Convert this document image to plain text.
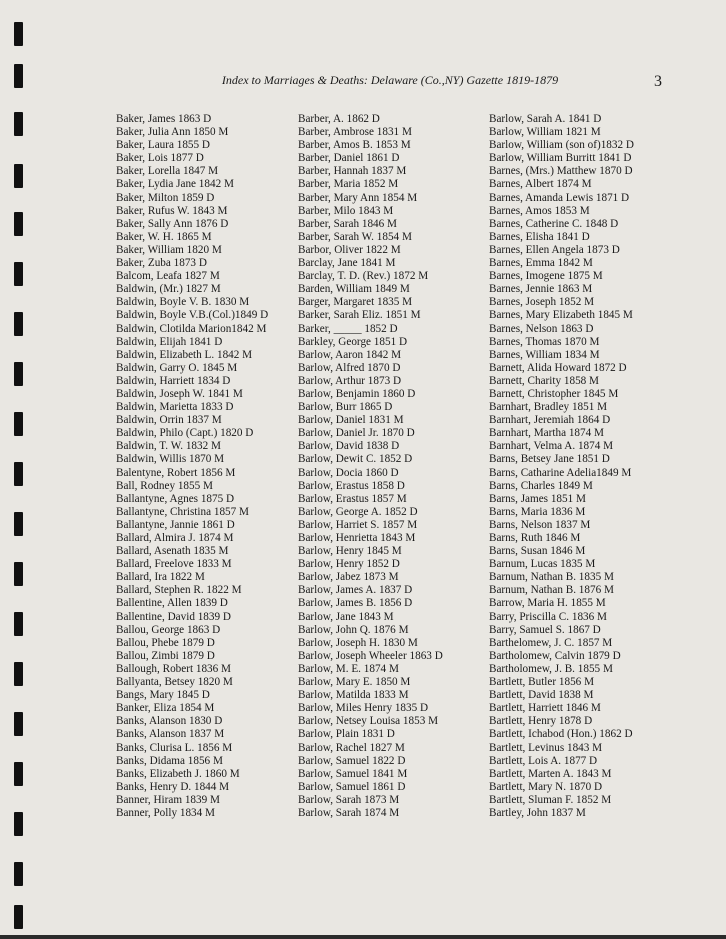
Index to Marriages & Deaths: Delaware (Co.,NY) Gazette 1819-1879	3
Baker, James 1863 D
Baker, Julia Ann 1850 M
Baker, Laura 1855 D
Baker, Lois 1877 D
Baker, Lorella 1847 M
Baker, Lydia Jane 1842 M
Baker, Milton 1859 D
Baker, Rufus W. 1843 M
Baker, Sally Ann 1876 D
Baker, W. H. 1865 M
Baker, William 1820 M
Baker, Zuba 1873 D
Balcom, Leafa 1827 M
Baldwin, (Mr.) 1827 M
Baldwin, Boyle V. B. 1830 M
Baldwin, Boyle V.B.(Col.)1849 D
Baldwin, Clotilda Marion1842 M
Baldwin, Elijah 1841 D
Baldwin, Elizabeth L. 1842 M
Baldwin, Garry O. 1845 M
Baldwin, Harriett 1834 D
Baldwin, Joseph W. 1841 M
Baldwin, Marietta 1833 D
Baldwin, Orrin 1837 M
Baldwin, Philo (Capt.) 1820 D
Baldwin, T. W. 1832 M
Baldwin, Willis 1870 M
Balentyne, Robert 1856 M
Ball, Rodney 1855 M
Ballantyne, Agnes 1875 D
Ballantyne, Christina 1857 M
Ballantyne, Jannie 1861 D
Ballard, Almira J. 1874 M
Ballard, Asenath 1835 M
Ballard, Freelove 1833 M
Ballard, Ira 1822 M
Ballard, Stephen R. 1822 M
Ballentine, Allen 1839 D
Ballentine, David 1839 D
Ballou, George 1863 D
Ballou, Phebe 1879 D
Ballou, Zimbi 1879 D
Ballough, Robert 1836 M
Ballyanta, Betsey 1820 M
Bangs, Mary 1845 D
Banker, Eliza 1854 M
Banks, Alanson 1830 D
Banks, Alanson 1837 M
Banks, Clurisa L. 1856 M
Banks, Didama 1856 M
Banks, Elizabeth J. 1860 M
Banks, Henry D. 1844 M
Banner, Hiram 1839 M
Banner, Polly 1834 M
Barber, A. 1862 D
Barber, Ambrose 1831 M
Barber, Amos B. 1853 M
Barber, Daniel 1861 D
Barber, Hannah 1837 M
Barber, Maria 1852 M
Barber, Mary Ann 1854 M
Barber, Milo 1843 M
Barber, Sarah 1846 M
Barber, Sarah W. 1854 M
Barbor, Oliver 1822 M
Barclay, Jane 1841 M
Barclay, T. D. (Rev.) 1872 M
Barden, William 1849 M
Barger, Margaret 1835 M
Barker, Sarah Eliz. 1851 M
Barker, _____ 1852 D
Barkley, George 1851 D
Barlow, Aaron 1842 M
Barlow, Alfred 1870 D
Barlow, Arthur 1873 D
Barlow, Benjamin 1860 D
Barlow, Burr 1865 D
Barlow, Daniel 1831 M
Barlow, Daniel Jr. 1870 D
Barlow, David 1838 D
Barlow, Dewit C. 1852 D
Barlow, Docia 1860 D
Barlow, Erastus 1858 D
Barlow, Erastus 1857 M
Barlow, George A. 1852 D
Barlow, Harriet S. 1857 M
Barlow, Henrietta 1843 M
Barlow, Henry 1845 M
Barlow, Henry 1852 D
Barlow, Jabez 1873 M
Barlow, James A. 1837 D
Barlow, James B. 1856 D
Barlow, Jane 1843 M
Barlow, John Q. 1876 M
Barlow, Joseph H. 1830 M
Barlow, Joseph Wheeler 1863 D
Barlow, M. E. 1874 M
Barlow, Mary E. 1850 M
Barlow, Matilda 1833 M
Barlow, Miles Henry 1835 D
Barlow, Netsey Louisa 1853 M
Barlow, Plain 1831 D
Barlow, Rachel 1827 M
Barlow, Samuel 1822 D
Barlow, Samuel 1841 M
Barlow, Samuel 1861 D
Barlow, Sarah 1873 M
Barlow, Sarah 1874 M
Barlow, Sarah A. 1841 D
Barlow, William 1821 M
Barlow, William (son of)1832 D
Barlow, William Burritt 1841 D
Barnes, (Mrs.) Matthew 1870 D
Barnes, Albert 1874 M
Barnes, Amanda Lewis 1871 D
Barnes, Amos 1853 M
Barnes, Catherine C. 1848 D
Barnes, Elisha 1841 D
Barnes, Ellen Angela 1873 D
Barnes, Emma 1842 M
Barnes, Imogene 1875 M
Barnes, Jennie 1863 M
Barnes, Joseph 1852 M
Barnes, Mary Elizabeth 1845 M
Barnes, Nelson 1863 D
Barnes, Thomas 1870 M
Barnes, William 1834 M
Barnett, Alida Howard 1872 D
Barnett, Charity 1858 M
Barnett, Christopher 1845 M
Barnhart, Bradley 1851 M
Barnhart, Jeremiah 1864 D
Barnhart, Martha 1874 M
Barnhart, Velma A. 1874 M
Barns, Betsey Jane 1851 D
Barns, Catharine Adelia1849 M
Barns, Charles 1849 M
Barns, James 1851 M
Barns, Maria 1836 M
Barns, Nelson 1837 M
Barns, Ruth 1846 M
Barns, Susan 1846 M
Barnum, Lucas 1835 M
Barnum, Nathan B. 1835 M
Barnum, Nathan B. 1876 M
Barrow, Maria H. 1855 M
Barry, Priscilla C. 1836 M
Barry, Samuel S. 1867 D
Barthelomew, J. C. 1857 M
Bartholomew, Calvin 1879 D
Bartholomew, J. B. 1855 M
Bartlett, Butler 1856 M
Bartlett, David 1838 M
Bartlett, Harriett 1846 M
Bartlett, Henry 1878 D
Bartlett, Ichabod (Hon.) 1862 D
Bartlett, Levinus 1843 M
Bartlett, Lois A. 1877 D
Bartlett, Marten A. 1843 M
Bartlett, Mary N. 1870 D
Bartlett, Sluman F. 1852 M
Bartley, John 1837 M
